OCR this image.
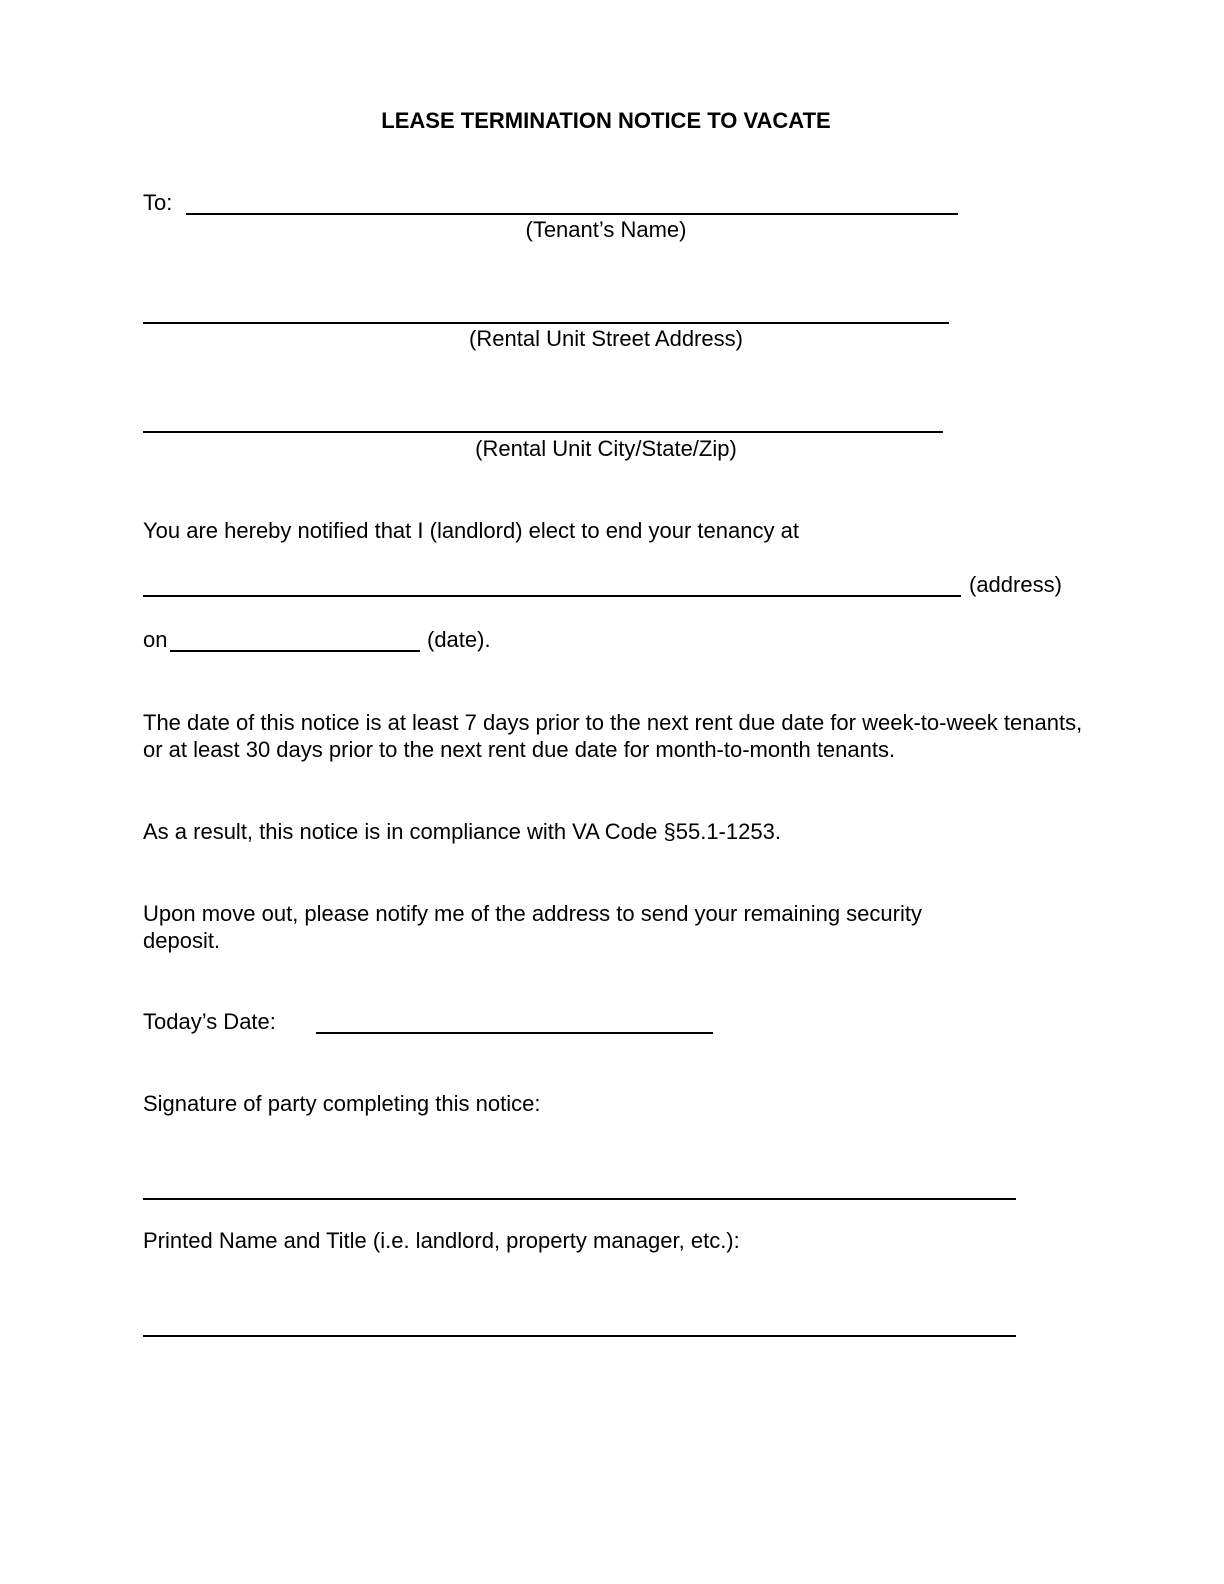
LEASE TERMINATION NOTICE TO VACATE
To:
(Tenant’s Name)
(Rental Unit Street Address)
(Rental Unit City/State/Zip)
You are hereby notified that I (landlord) elect to end your tenancy at
(address)
on	(date).
The date of this notice is at least 7 days prior to the next rent due date for week-to-week tenants, or at least 30 days prior to the next rent due date for month-to-month tenants.
As a result, this notice is in compliance with VA Code §55.1-1253.
Upon move out, please notify me of the address to send your remaining security deposit.
Today’s Date:
Signature of party completing this notice:
Printed Name and Title (i.e. landlord, property manager, etc.):
